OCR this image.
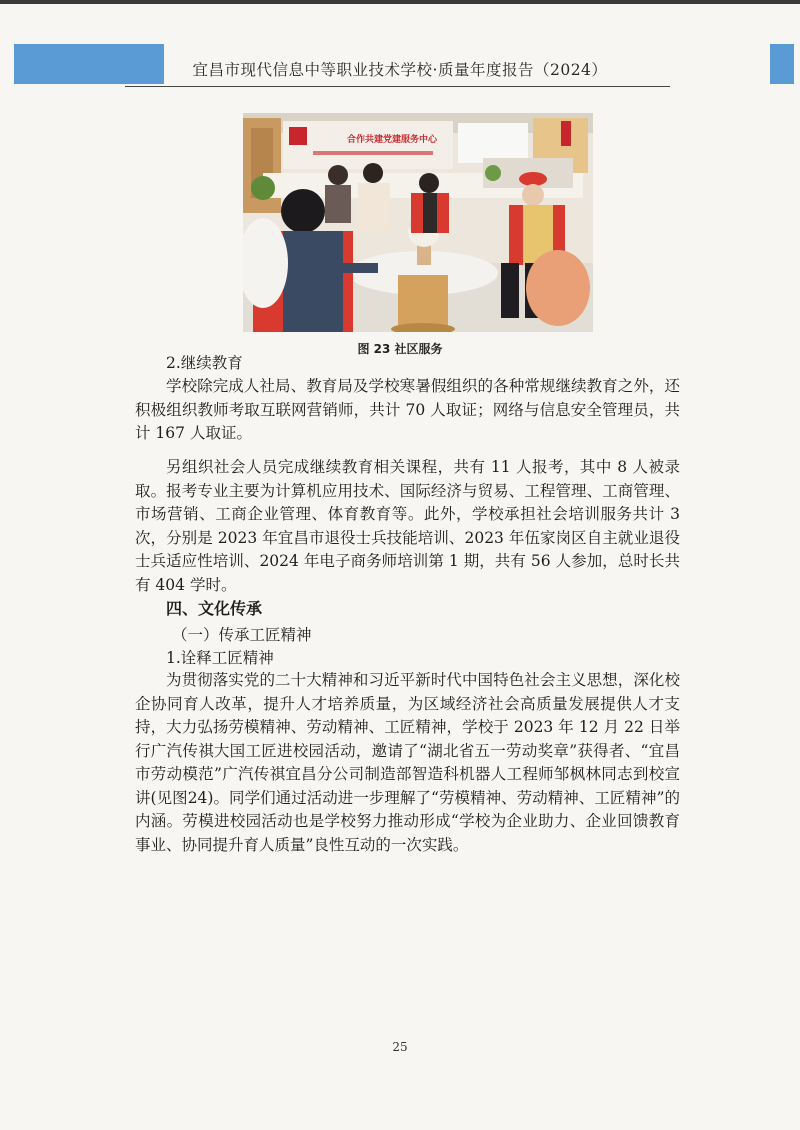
宜昌市现代信息中等职业技术学校·质量年度报告（2024）
合作共建党建服务中心
图 23 社区服务

2.继续教育

学校除完成人社局、教育局及学校寒暑假组织的各种常规继续教育之外，还积极组织教师考取互联网营销师，共计 70 人取证；网络与信息安全管理员，共计 167 人取证。

另组织社会人员完成继续教育相关课程，共有 11 人报考，其中 8 人被录取。报考专业主要为计算机应用技术、国际经济与贸易、工程管理、工商管理、市场营销、工商企业管理、体育教育等。此外，学校承担社会培训服务共计 3 次，分别是 2023 年宜昌市退役士兵技能培训、2023 年伍家岗区自主就业退役士兵适应性培训、2024 年电子商务师培训第 1 期，共有 56 人参加，总时长共有 404 学时。

四、文化传承

（一）传承工匠精神

1.诠释工匠精神

为贯彻落实党的二十大精神和习近平新时代中国特色社会主义思想，深化校企协同育人改革，提升人才培养质量，为区域经济社会高质量发展提供人才支持，大力弘扬劳模精神、劳动精神、工匠精神，学校于 2023 年 12 月 22 日举行广汽传祺大国工匠进校园活动，邀请了“湖北省五一劳动奖章”获得者、“宜昌市劳动模范”广汽传祺宜昌分公司制造部智造科机器人工程师邹枫林同志到校宣讲(见图24)。同学们通过活动进一步理解了“劳模精神、劳动精神、工匠精神”的内涵。劳模进校园活动也是学校努力推动形成“学校为企业助力、企业回馈教育事业、协同提升育人质量”良性互动的一次实践。

25
